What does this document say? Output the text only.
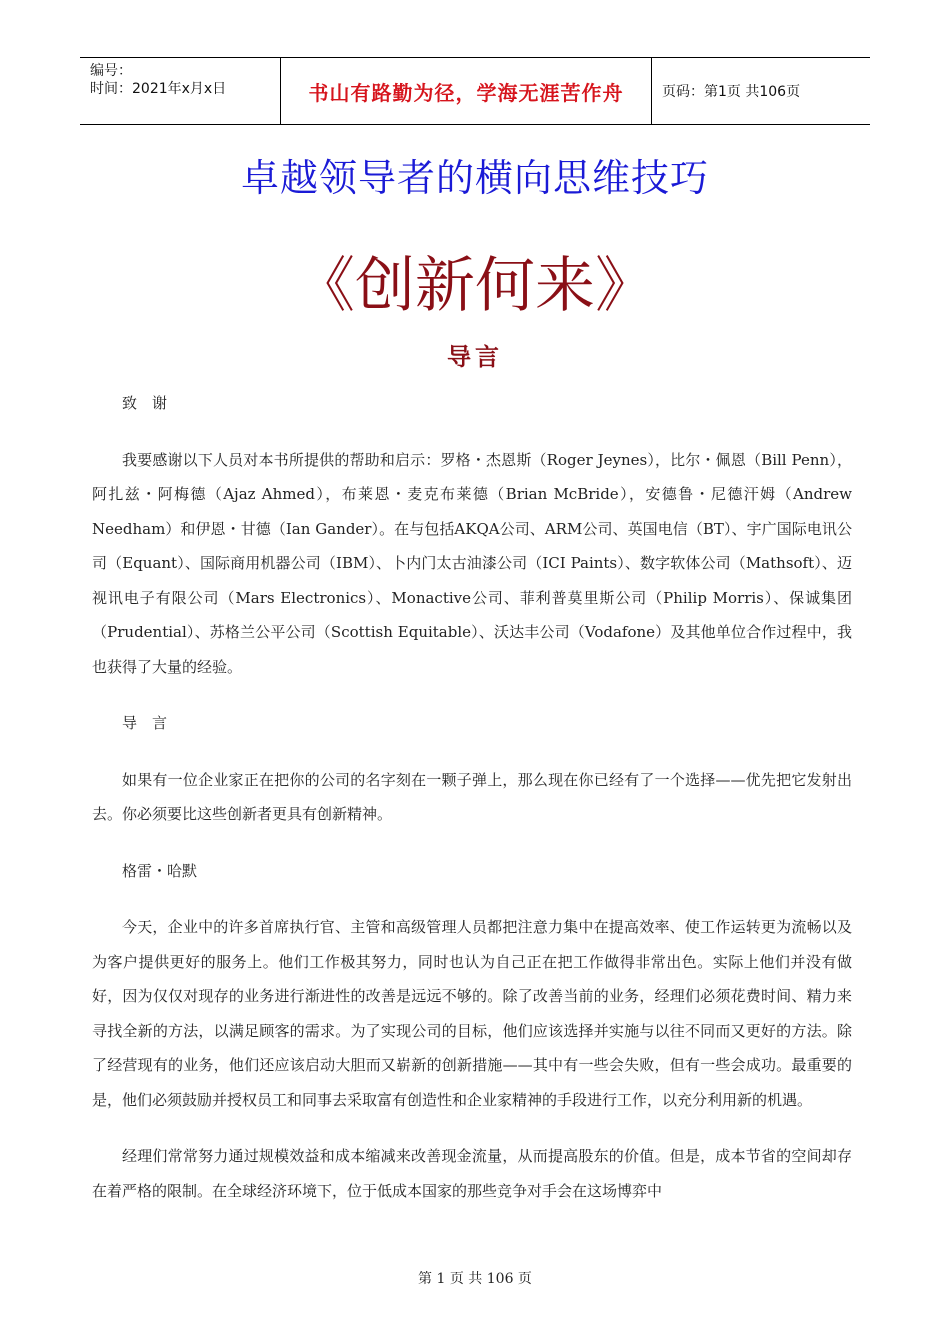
编号：
时间：2021年x月x日	书山有路勤为径，学海无涯苦作舟	页码：第1页 共106页
卓越领导者的横向思维技巧
《创新何来》
导言

致　谢

我要感谢以下人员对本书所提供的帮助和启示：罗格・杰恩斯（Roger Jeynes），比尔・佩恩（Bill Penn），阿扎兹・阿梅德（Ajaz Ahmed），布莱恩・麦克布莱德（Brian McBride），安德鲁・尼德汗姆（Andrew Needham）和伊恩・甘德（Ian Gander）。在与包括AKQA公司、ARM公司、英国电信（BT）、宇广国际电讯公司（Equant）、国际商用机器公司（IBM）、卜内门太古油漆公司（ICI Paints）、数字软体公司（Mathsoft）、迈视讯电子有限公司（Mars Electronics）、Monactive公司、菲利普莫里斯公司（Philip Morris）、保诚集团（Prudential）、苏格兰公平公司（Scottish Equitable）、沃达丰公司（Vodafone）及其他单位合作过程中，我也获得了大量的经验。

导　言

如果有一位企业家正在把你的公司的名字刻在一颗子弹上，那么现在你已经有了一个选择——优先把它发射出去。你必须要比这些创新者更具有创新精神。

格雷・哈默

今天，企业中的许多首席执行官、主管和高级管理人员都把注意力集中在提高效率、使工作运转更为流畅以及为客户提供更好的服务上。他们工作极其努力，同时也认为自己正在把工作做得非常出色。实际上他们并没有做好，因为仅仅对现存的业务进行渐进性的改善是远远不够的。除了改善当前的业务，经理们必须花费时间、精力来寻找全新的方法，以满足顾客的需求。为了实现公司的目标，他们应该选择并实施与以往不同而又更好的方法。除了经营现有的业务，他们还应该启动大胆而又崭新的创新措施——其中有一些会失败，但有一些会成功。最重要的是，他们必须鼓励并授权员工和同事去采取富有创造性和企业家精神的手段进行工作，以充分利用新的机遇。

经理们常常努力通过规模效益和成本缩减来改善现金流量，从而提高股东的价值。但是，成本节省的空间却存在着严格的限制。在全球经济环境下，位于低成本国家的那些竞争对手会在这场博弈中

第 1 页 共 106 页
